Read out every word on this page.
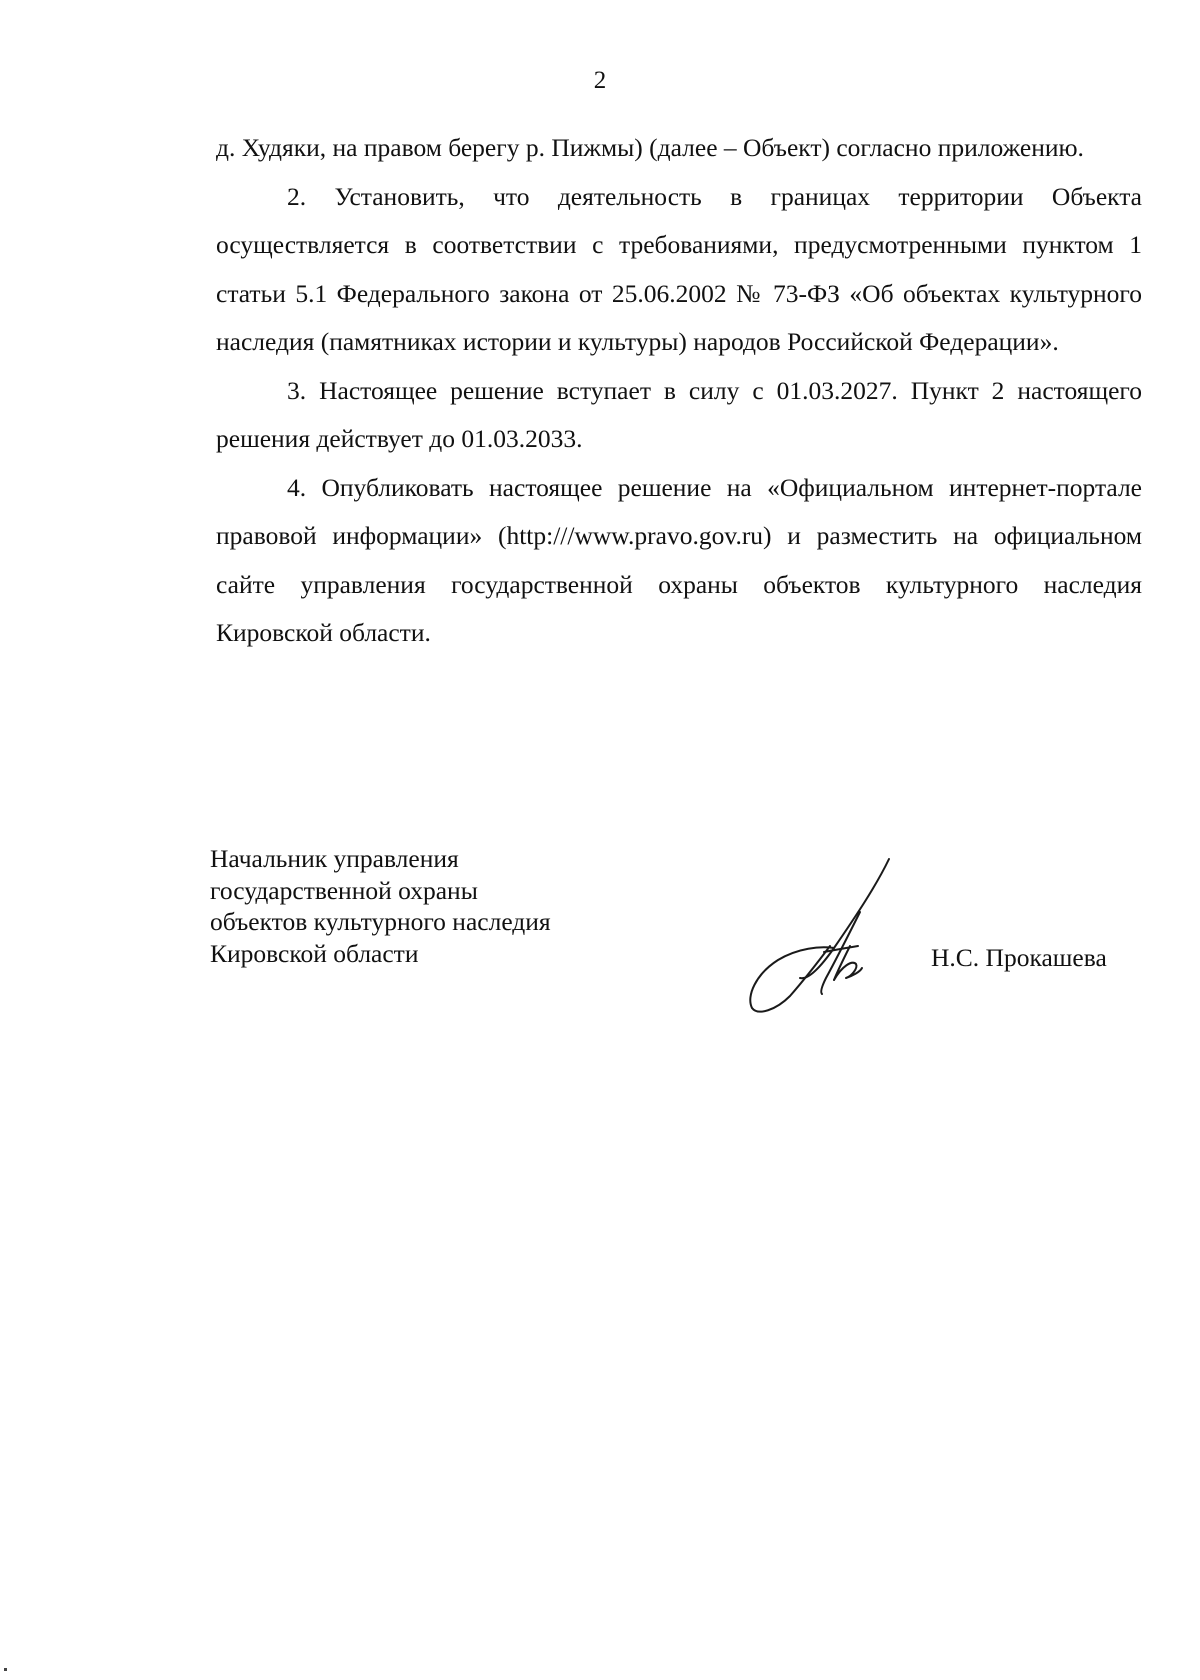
2

д. Худяки, на правом берегу р. Пижмы) (далее – Объект) согласно приложению.

2. Установить, что деятельность в границах территории Объекта осуществляется в соответствии с требованиями, предусмотренными пунктом 1 статьи 5.1 Федерального закона от 25.06.2002 № 73-ФЗ «Об объектах культурного наследия (памятниках истории и культуры) народов Российской Федерации».

3. Настоящее решение вступает в силу с 01.03.2027. Пункт 2 настоящего решения действует до 01.03.2033.

4. Опубликовать настоящее решение на «Официальном интернет-портале правовой информации» (http:///www.pravo.gov.ru) и разместить на официальном сайте управления государственной охраны объектов культурного наследия Кировской области.

Начальник управления
государственной охраны
объектов культурного наследия
Кировской области	Н.С. Прокашева
